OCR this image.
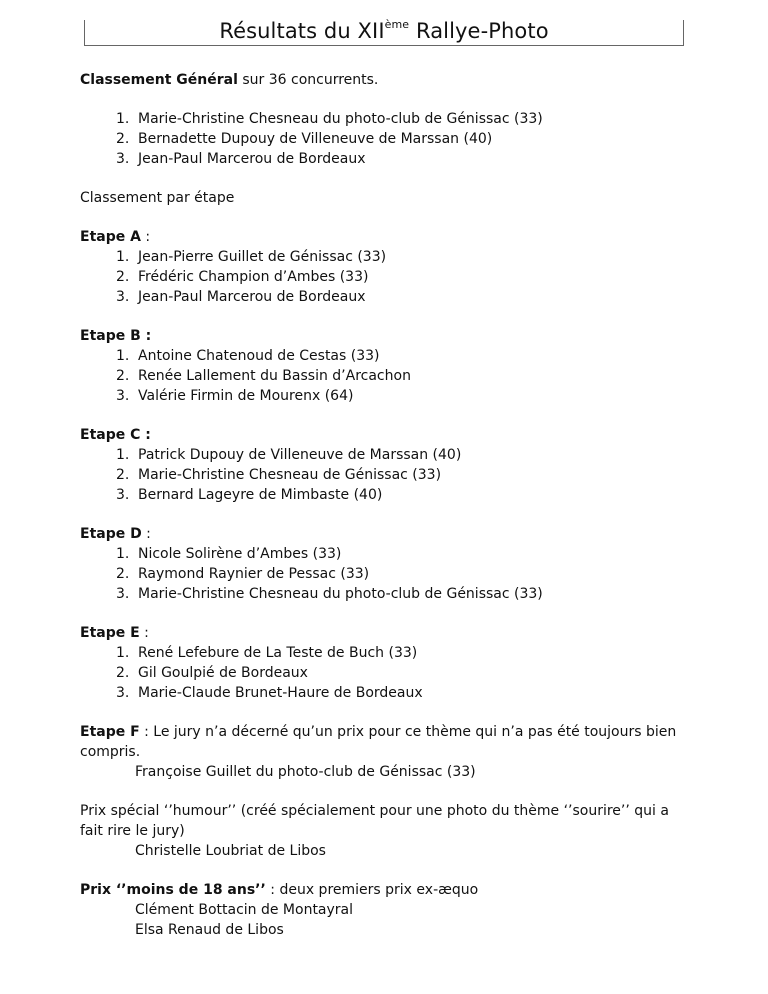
Résultats du XIIème Rallye-Photo
Classement Général sur 36 concurrents.
1. Marie-Christine Chesneau du photo-club de Génissac (33)
2. Bernadette Dupouy de Villeneuve de Marssan (40)
3. Jean-Paul Marcerou de Bordeaux
Classement par étape
Etape A :
1. Jean-Pierre Guillet de Génissac (33)
2. Frédéric Champion d’Ambes (33)
3. Jean-Paul Marcerou de Bordeaux
Etape B :
1. Antoine Chatenoud de Cestas (33)
2. Renée Lallement du Bassin d’Arcachon
3. Valérie Firmin de Mourenx (64)
Etape C :
1. Patrick Dupouy de Villeneuve de Marssan (40)
2. Marie-Christine Chesneau de Génissac (33)
3. Bernard Lageyre de Mimbaste (40)
Etape D :
1. Nicole Solirène d’Ambes (33)
2. Raymond Raynier de Pessac (33)
3. Marie-Christine Chesneau du photo-club de Génissac (33)
Etape E :
1. René Lefebure de La Teste de Buch (33)
2. Gil Goulpié de Bordeaux
3. Marie-Claude Brunet-Haure de Bordeaux
Etape F : Le jury n’a décerné qu’un prix pour ce thème qui n’a pas été toujours bien compris.
Françoise Guillet du photo-club de Génissac (33)
Prix spécial ‘’humour’’ (créé spécialement pour une photo du thème ‘’sourire’’ qui a fait rire le jury)
Christelle Loubriat de Libos
Prix ‘’moins de 18 ans’’ : deux premiers prix ex-æquo
Clément Bottacin de Montayral
Elsa Renaud de Libos
